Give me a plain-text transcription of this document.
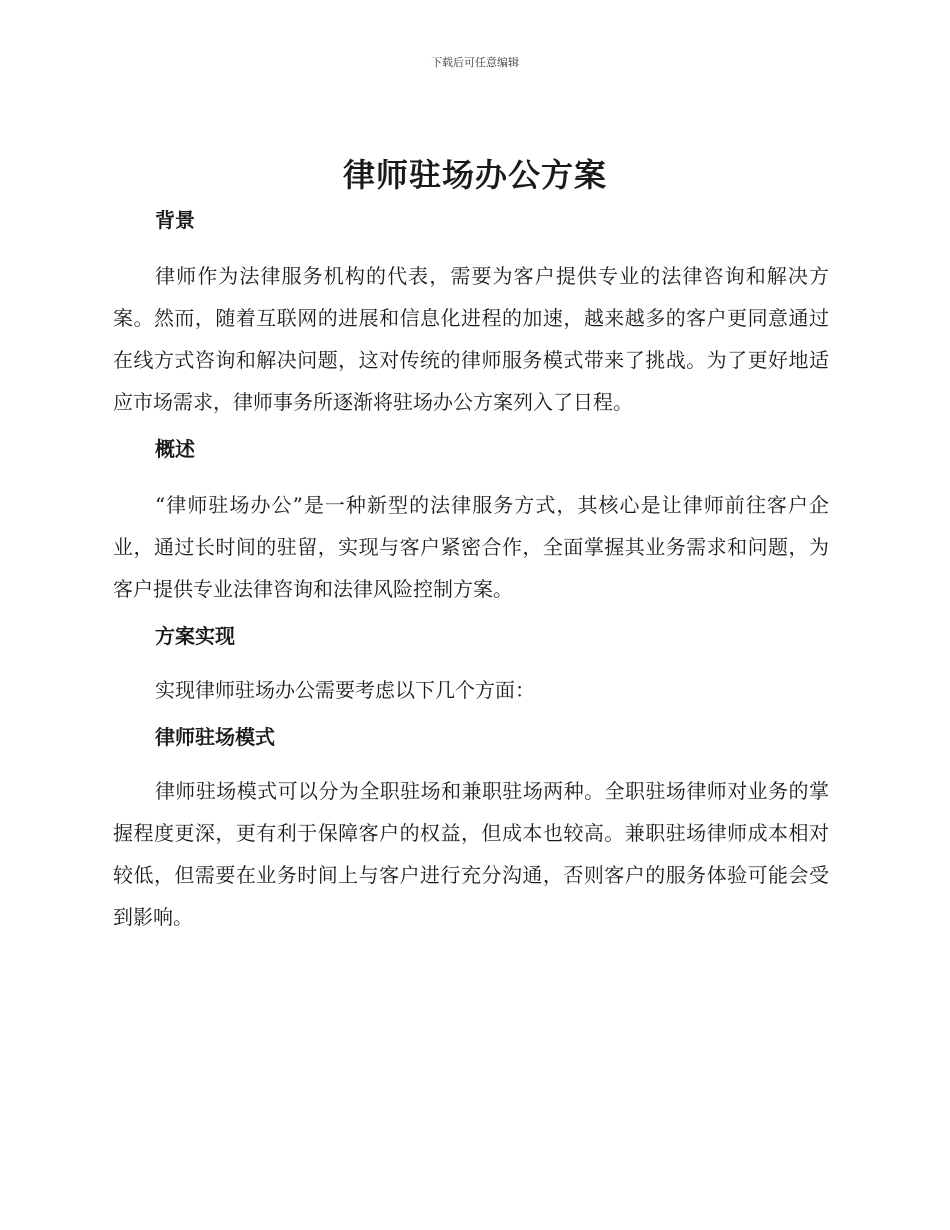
下载后可任意编辑
律师驻场办公方案
背景

律师作为法律服务机构的代表，需要为客户提供专业的法律咨询和解决方案。然而，随着互联网的进展和信息化进程的加速，越来越多的客户更同意通过在线方式咨询和解决问题，这对传统的律师服务模式带来了挑战。为了更好地适应市场需求，律师事务所逐渐将驻场办公方案列入了日程。

概述

“律师驻场办公”是一种新型的法律服务方式，其核心是让律师前往客户企业，通过长时间的驻留，实现与客户紧密合作，全面掌握其业务需求和问题，为客户提供专业法律咨询和法律风险控制方案。

方案实现

实现律师驻场办公需要考虑以下几个方面：

律师驻场模式

律师驻场模式可以分为全职驻场和兼职驻场两种。全职驻场律师对业务的掌握程度更深，更有利于保障客户的权益，但成本也较高。兼职驻场律师成本相对较低，但需要在业务时间上与客户进行充分沟通，否则客户的服务体验可能会受到影响。
